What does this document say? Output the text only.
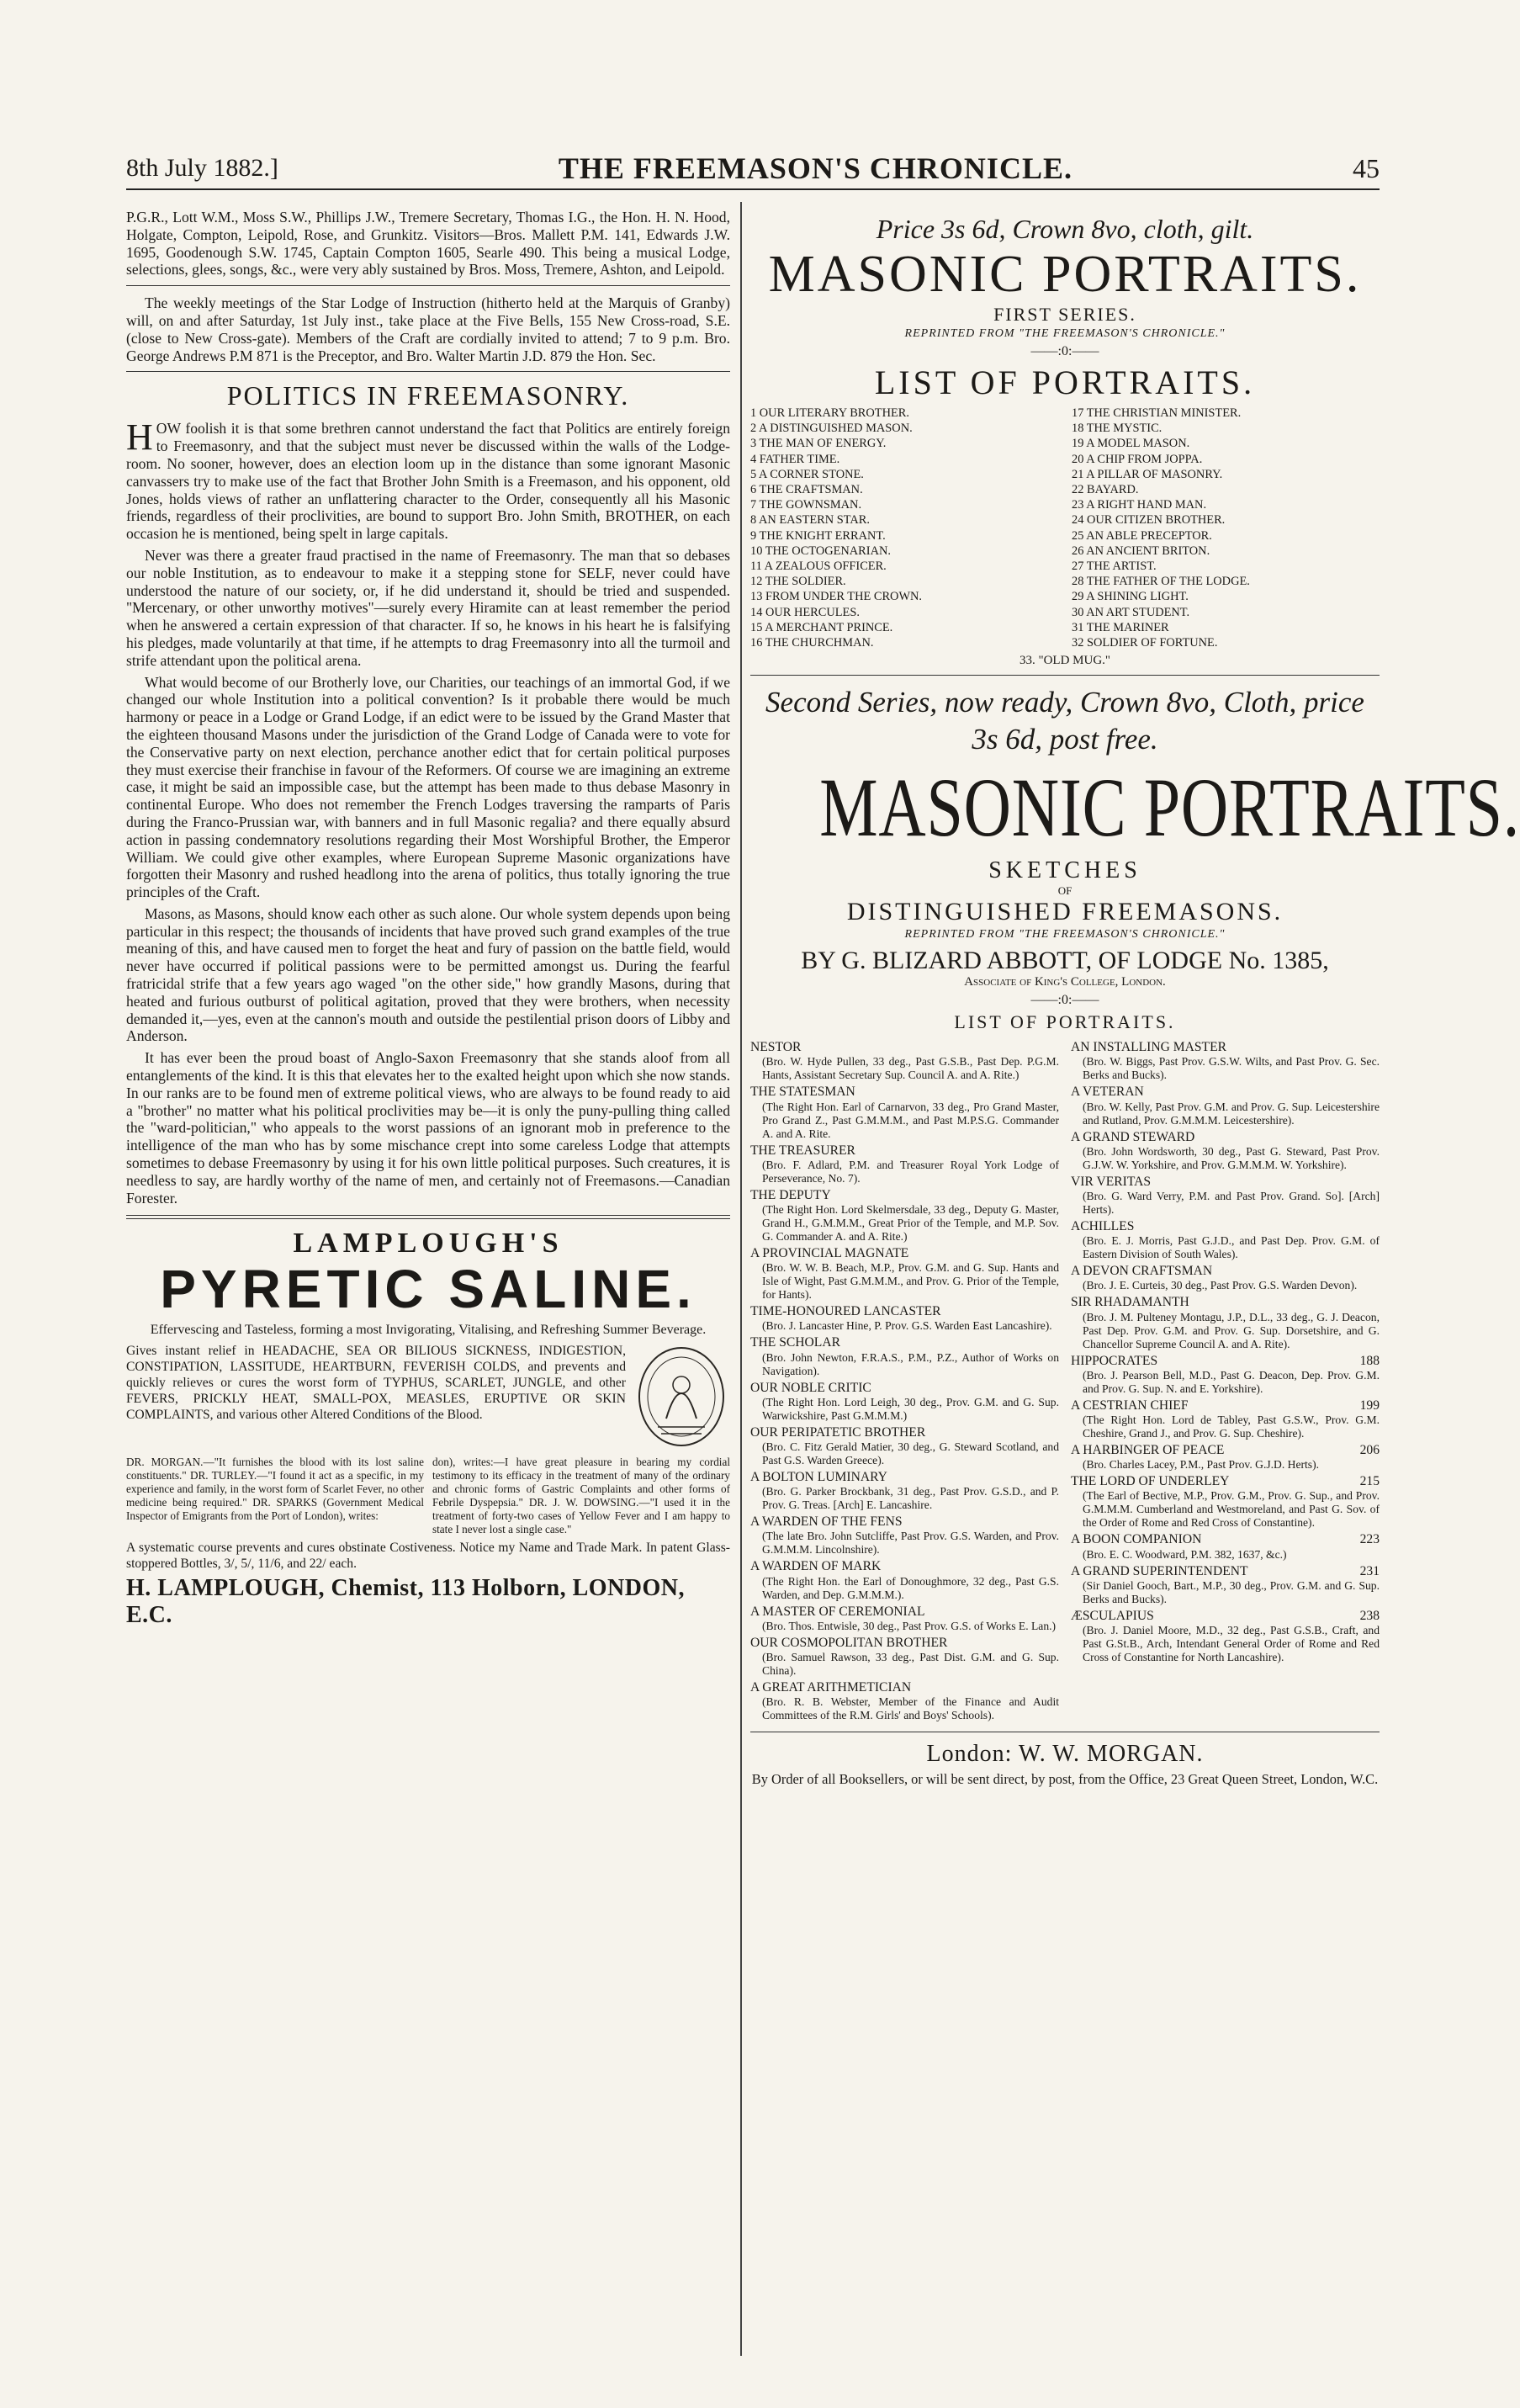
8th July 1882.]	THE FREEMASON'S CHRONICLE.	45

P.G.R., Lott W.M., Moss S.W., Phillips J.W., Tremere Secretary, Thomas I.G., the Hon. H. N. Hood, Holgate, Compton, Leipold, Rose, and Grunkitz. Visitors—Bros. Mallett P.M. 141, Edwards J.W. 1695, Goodenough S.W. 1745, Captain Compton 1605, Searle 490. This being a musical Lodge, selections, glees, songs, &c., were very ably sustained by Bros. Moss, Tremere, Ashton, and Leipold.

The weekly meetings of the Star Lodge of Instruction (hitherto held at the Marquis of Granby) will, on and after Saturday, 1st July inst., take place at the Five Bells, 155 New Cross-road, S.E. (close to New Cross-gate). Members of the Craft are cordially invited to attend; 7 to 9 p.m. Bro. George Andrews P.M 871 is the Preceptor, and Bro. Walter Martin J.D. 879 the Hon. Sec.

POLITICS IN FREEMASONRY.

HOW foolish it is that some brethren cannot understand the fact that Politics are entirely foreign to Freemasonry, and that the subject must never be discussed within the walls of the Lodge-room. No sooner, however, does an election loom up in the distance than some ignorant Masonic canvassers try to make use of the fact that Brother John Smith is a Freemason, and his opponent, old Jones, holds views of rather an unflattering character to the Order, consequently all his Masonic friends, regardless of their proclivities, are bound to support Bro. John Smith, BROTHER, on each occasion he is mentioned, being spelt in large capitals.

Never was there a greater fraud practised in the name of Freemasonry. The man that so debases our noble Institution, as to endeavour to make it a stepping stone for SELF, never could have understood the nature of our society, or, if he did understand it, should be tried and suspended. "Mercenary, or other unworthy motives"—surely every Hiramite can at least remember the period when he answered a certain expression of that character. If so, he knows in his heart he is falsifying his pledges, made voluntarily at that time, if he attempts to drag Freemasonry into all the turmoil and strife attendant upon the political arena.

What would become of our Brotherly love, our Charities, our teachings of an immortal God, if we changed our whole Institution into a political convention? Is it probable there would be much harmony or peace in a Lodge or Grand Lodge, if an edict were to be issued by the Grand Master that the eighteen thousand Masons under the jurisdiction of the Grand Lodge of Canada were to vote for the Conservative party on next election, perchance another edict that for certain political purposes they must exercise their franchise in favour of the Reformers. Of course we are imagining an extreme case, it might be said an impossible case, but the attempt has been made to thus debase Masonry in continental Europe. Who does not remember the French Lodges traversing the ramparts of Paris during the Franco-Prussian war, with banners and in full Masonic regalia? and there equally absurd action in passing condemnatory resolutions regarding their Most Worshipful Brother, the Emperor William. We could give other examples, where European Supreme Masonic organizations have forgotten their Masonry and rushed headlong into the arena of politics, thus totally ignoring the true principles of the Craft.

Masons, as Masons, should know each other as such alone. Our whole system depends upon being particular in this respect; the thousands of incidents that have proved such grand examples of the true meaning of this, and have caused men to forget the heat and fury of passion on the battle field, would never have occurred if political passions were to be permitted amongst us. During the fearful fratricidal strife that a few years ago waged "on the other side," how grandly Masons, during that heated and furious outburst of political agitation, proved that they were brothers, when necessity demanded it,—yes, even at the cannon's mouth and outside the pestilential prison doors of Libby and Anderson.

It has ever been the proud boast of Anglo-Saxon Freemasonry that she stands aloof from all entanglements of the kind. It is this that elevates her to the exalted height upon which she now stands. In our ranks are to be found men of extreme political views, who are always to be found ready to aid a "brother" no matter what his political proclivities may be—it is only the puny-pulling thing called the "ward-politician," who appeals to the worst passions of an ignorant mob in preference to the intelligence of the man who has by some mischance crept into some careless Lodge that attempts sometimes to debase Freemasonry by using it for his own little political purposes. Such creatures, it is needless to say, are hardly worthy of the name of men, and certainly not of Freemasons.—Canadian Forester.

LAMPLOUGH'S
PYRETIC SALINE.
Effervescing and Tasteless, forming a most Invigorating, Vitalising, and Refreshing Summer Beverage.
Gives instant relief in HEADACHE, SEA OR BILIOUS SICKNESS, INDIGESTION, CONSTIPATION, LASSITUDE, HEARTBURN, FEVERISH COLDS, and prevents and quickly relieves or cures the worst form of TYPHUS, SCARLET, JUNGLE, and other FEVERS, PRICKLY HEAT, SMALL-POX, MEASLES, ERUPTIVE OR SKIN COMPLAINTS, and various other Altered Conditions of the Blood.
DR. MORGAN.—"It furnishes the blood with its lost saline constituents." DR. TURLEY.—"I found it act as a specific, in my experience and family, in the worst form of Scarlet Fever, no other medicine being required." DR. SPARKS (Government Medical Inspector of Emigrants from the Port of London), writes:
don), writes:—I have great pleasure in bearing my cordial testimony to its efficacy in the treatment of many of the ordinary and chronic forms of Gastric Complaints and other forms of Febrile Dyspepsia." DR. J. W. DOWSING.—"I used it in the treatment of forty-two cases of Yellow Fever and I am happy to state I never lost a single case."
A systematic course prevents and cures obstinate Costiveness. Notice my Name and Trade Mark. In patent Glass-stoppered Bottles, 3/, 5/, 11/6, and 22/ each.
H. LAMPLOUGH, Chemist, 113 Holborn, LONDON, E.C.
Price 3s 6d, Crown 8vo, cloth, gilt.
MASONIC PORTRAITS.
FIRST SERIES.
REPRINTED FROM "THE FREEMASON'S CHRONICLE."
——:0:——
LIST OF PORTRAITS.
1 OUR LITERARY BROTHER.
2 A DISTINGUISHED MASON.
3 THE MAN OF ENERGY.
4 FATHER TIME.
5 A CORNER STONE.
6 THE CRAFTSMAN.
7 THE GOWNSMAN.
8 AN EASTERN STAR.
9 THE KNIGHT ERRANT.
10 THE OCTOGENARIAN.
11 A ZEALOUS OFFICER.
12 THE SOLDIER.
13 FROM UNDER THE CROWN.
14 OUR HERCULES.
15 A MERCHANT PRINCE.
16 THE CHURCHMAN.
17 THE CHRISTIAN MINISTER.
18 THE MYSTIC.
19 A MODEL MASON.
20 A CHIP FROM JOPPA.
21 A PILLAR OF MASONRY.
22 BAYARD.
23 A RIGHT HAND MAN.
24 OUR CITIZEN BROTHER.
25 AN ABLE PRECEPTOR.
26 AN ANCIENT BRITON.
27 THE ARTIST.
28 THE FATHER OF THE LODGE.
29 A SHINING LIGHT.
30 AN ART STUDENT.
31 THE MARINER
32 SOLDIER OF FORTUNE.
33. "OLD MUG."
Second Series, now ready, Crown 8vo, Cloth, price 3s 6d, post free.
MASONIC PORTRAITS.
SKETCHES
OF
DISTINGUISHED FREEMASONS.
REPRINTED FROM "THE FREEMASON'S CHRONICLE."
BY G. BLIZARD ABBOTT, OF LODGE No. 1385,
Associate of King's College, London.
——:0:——
LIST OF PORTRAITS.
NESTOR
(Bro. W. Hyde Pullen, 33 deg., Past G.S.B., Past Dep. P.G.M. Hants, Assistant Secretary Sup. Council A. and A. Rite.)
THE STATESMAN
(The Right Hon. Earl of Carnarvon, 33 deg., Pro Grand Master, Pro Grand Z., Past G.M.M.M., and Past M.P.S.G. Commander A. and A. Rite.
THE TREASURER
(Bro. F. Adlard, P.M. and Treasurer Royal York Lodge of Perseverance, No. 7).
THE DEPUTY
(The Right Hon. Lord Skelmersdale, 33 deg., Deputy G. Master, Grand H., G.M.M.M., Great Prior of the Temple, and M.P. Sov. G. Commander A. and A. Rite.)
A PROVINCIAL MAGNATE
(Bro. W. W. B. Beach, M.P., Prov. G.M. and G. Sup. Hants and Isle of Wight, Past G.M.M.M., and Prov. G. Prior of the Temple, for Hants).
TIME-HONOURED LANCASTER
(Bro. J. Lancaster Hine, P. Prov. G.S. Warden East Lancashire).
THE SCHOLAR
(Bro. John Newton, F.R.A.S., P.M., P.Z., Author of Works on Navigation).
OUR NOBLE CRITIC
(The Right Hon. Lord Leigh, 30 deg., Prov. G.M. and G. Sup. Warwickshire, Past G.M.M.M.)
OUR PERIPATETIC BROTHER
(Bro. C. Fitz Gerald Matier, 30 deg., G. Steward Scotland, and Past G.S. Warden Greece).
A BOLTON LUMINARY
(Bro. G. Parker Brockbank, 31 deg., Past Prov. G.S.D., and P. Prov. G. Treas. [Arch] E. Lancashire.
A WARDEN OF THE FENS
(The late Bro. John Sutcliffe, Past Prov. G.S. Warden, and Prov. G.M.M.M. Lincolnshire).
A WARDEN OF MARK
(The Right Hon. the Earl of Donoughmore, 32 deg., Past G.S. Warden, and Dep. G.M.M.M.).
A MASTER OF CEREMONIAL
(Bro. Thos. Entwisle, 30 deg., Past Prov. G.S. of Works E. Lan.)
OUR COSMOPOLITAN BROTHER
(Bro. Samuel Rawson, 33 deg., Past Dist. G.M. and G. Sup. China).
A GREAT ARITHMETICIAN
(Bro. R. B. Webster, Member of the Finance and Audit Committees of the R.M. Girls' and Boys' Schools).
AN INSTALLING MASTER
(Bro. W. Biggs, Past Prov. G.S.W. Wilts, and Past Prov. G. Sec. Berks and Bucks).
A VETERAN
(Bro. W. Kelly, Past Prov. G.M. and Prov. G. Sup. Leicestershire and Rutland, Prov. G.M.M.M. Leicestershire).
A GRAND STEWARD
(Bro. John Wordsworth, 30 deg., Past G. Steward, Past Prov. G.J.W. W. Yorkshire, and Prov. G.M.M.M. W. Yorkshire).
VIR VERITAS
(Bro. G. Ward Verry, P.M. and Past Prov. Grand. So]. [Arch] Herts).
ACHILLES
(Bro. E. J. Morris, Past G.J.D., and Past Dep. Prov. G.M. of Eastern Division of South Wales).
A DEVON CRAFTSMAN
(Bro. J. E. Curteis, 30 deg., Past Prov. G.S. Warden Devon).
SIR RHADAMANTH
(Bro. J. M. Pulteney Montagu, J.P., D.L., 33 deg., G. J. Deacon, Past Dep. Prov. G.M. and Prov. G. Sup. Dorsetshire, and G. Chancellor Supreme Council A. and A. Rite).
HIPPOCRATES	188
(Bro. J. Pearson Bell, M.D., Past G. Deacon, Dep. Prov. G.M. and Prov. G. Sup. N. and E. Yorkshire).
A CESTRIAN CHIEF	199
(The Right Hon. Lord de Tabley, Past G.S.W., Prov. G.M. Cheshire, Grand J., and Prov. G. Sup. Cheshire).
A HARBINGER OF PEACE	206
(Bro. Charles Lacey, P.M., Past Prov. G.J.D. Herts).
THE LORD OF UNDERLEY	215
(The Earl of Bective, M.P., Prov. G.M., Prov. G. Sup., and Prov. G.M.M.M. Cumberland and Westmoreland, and Past G. Sov. of the Order of Rome and Red Cross of Constantine).
A BOON COMPANION	223
(Bro. E. C. Woodward, P.M. 382, 1637, &c.)
A GRAND SUPERINTENDENT	231
(Sir Daniel Gooch, Bart., M.P., 30 deg., Prov. G.M. and G. Sup. Berks and Bucks).
ÆSCULAPIUS	238
(Bro. J. Daniel Moore, M.D., 32 deg., Past G.S.B., Craft, and Past G.St.B., Arch, Intendant General Order of Rome and Red Cross of Constantine for North Lancashire).
London: W. W. MORGAN.
By Order of all Booksellers, or will be sent direct, by post, from the Office, 23 Great Queen Street, London, W.C.
